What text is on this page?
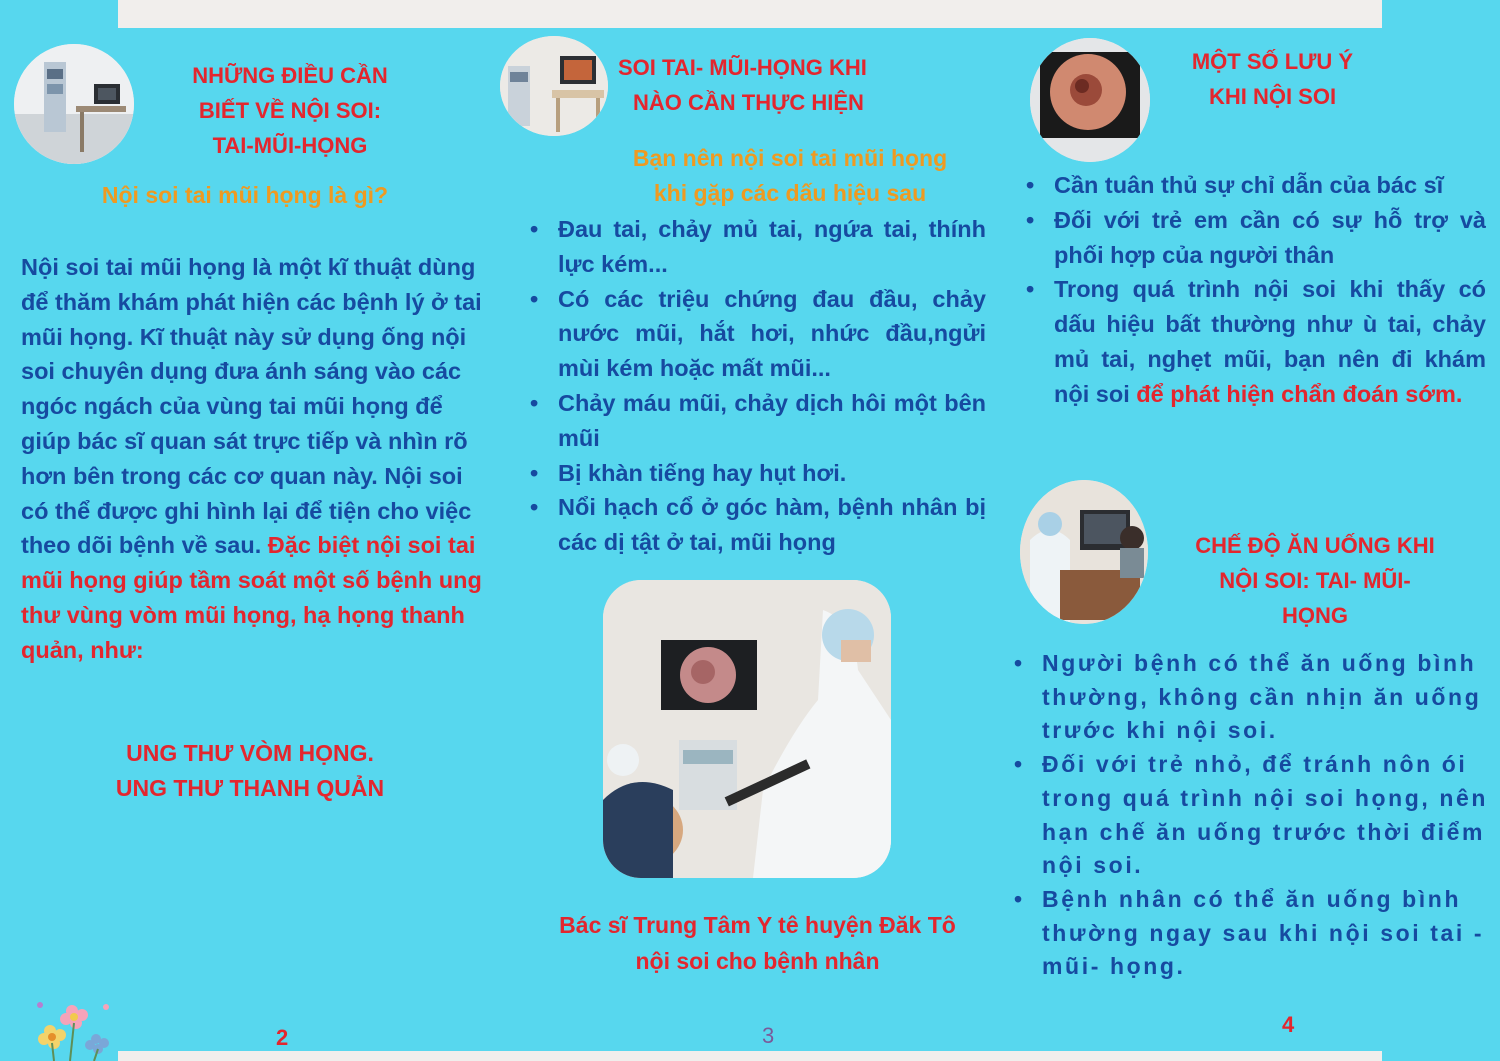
NHỮNG ĐIỀU CẦN
BIẾT VỀ NỘI SOI:
TAI-MŨI-HỌNG
Nội soi tai mũi họng là gì?

Nội soi tai mũi họng là một kĩ thuật dùng để thăm khám phát hiện các bệnh lý ở tai mũi họng. Kĩ thuật này sử dụng ống nội soi chuyên dụng đưa ánh sáng vào các ngóc ngách của vùng tai mũi họng để giúp bác sĩ quan sát trực tiếp và nhìn rõ hơn bên trong các cơ quan này. Nội soi có thể được ghi hình lại để tiện cho việc theo dõi bệnh về sau. Đặc biệt nội soi tai mũi họng giúp tầm soát một số bệnh ung thư vùng vòm mũi họng, hạ họng thanh quản, như:

UNG THƯ VÒM HỌNG.
UNG THƯ THANH QUẢN
2
SOI TAI- MŨI-HỌNG KHI
NÀO CẦN THỰC HIỆN
Bạn nên nội soi tai mũi họng
khi gặp các dấu hiệu sau
• Đau tai, chảy mủ tai, ngứa tai, thính lực kém...
• Có các triệu chứng đau đầu, chảy nước mũi, hắt hơi, nhức đầu,ngửi mùi kém hoặc mất mũi...
• Chảy máu mũi, chảy dịch hôi một bên mũi
• Bị khàn tiếng hay hụt hơi.
• Nổi hạch cổ ở góc hàm, bệnh nhân bị các dị tật ở tai, mũi họng
Bác sĩ Trung Tâm Y tê huyện Đăk Tô
nội soi cho bệnh nhân
3
MỘT SỐ LƯU Ý
KHI NỘI SOI
• Cần tuân thủ sự chỉ dẫn của bác sĩ
• Đối với trẻ em cần có sự hỗ trợ và phối hợp của người thân
• Trong quá trình nội soi khi thấy có dấu hiệu bất thường như ù tai, chảy mủ tai, nghẹt mũi, bạn nên đi khám nội soi để phát hiện chẩn đoán sớm.
CHẾ ĐỘ ĂN UỐNG KHI
NỘI SOI: TAI- MŨI-
HỌNG
• Người bệnh có thể ăn uống bình thường, không cần nhịn ăn uống trước khi nội soi.
• Đối với trẻ nhỏ, để tránh nôn ói trong quá trình nội soi họng, nên hạn chế ăn uống trước thời điểm nội soi.
• Bệnh nhân có thể ăn uống bình thường ngay sau khi nội soi tai - mũi- họng.
4
